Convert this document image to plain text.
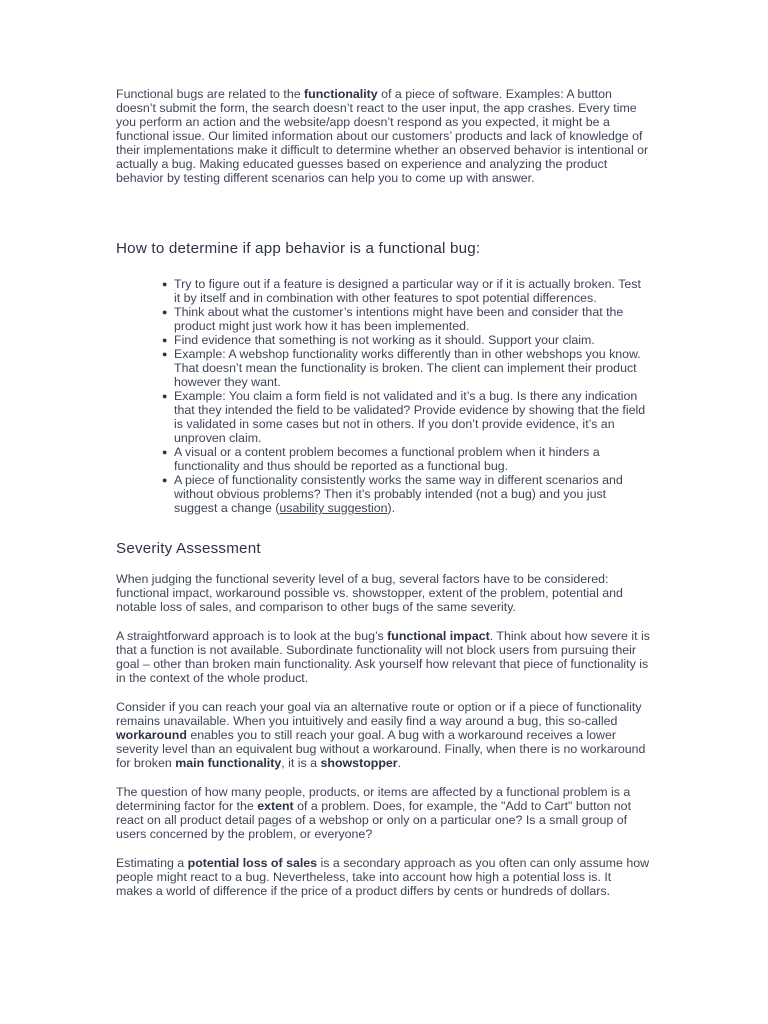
Functional bugs are related to the functionality of a piece of software. Examples: A button doesn’t submit the form, the search doesn’t react to the user input, the app crashes. Every time you perform an action and the website/app doesn’t respond as you expected, it might be a functional issue. Our limited information about our customers’ products and lack of knowledge of their implementations make it difficult to determine whether an observed behavior is intentional or actually a bug. Making educated guesses based on experience and analyzing the product behavior by testing different scenarios can help you to come up with answer.

How to determine if app behavior is a functional bug:
● Try to figure out if a feature is designed a particular way or if it is actually broken. Test it by itself and in combination with other features to spot potential differences.
● Think about what the customer’s intentions might have been and consider that the product might just work how it has been implemented.
● Find evidence that something is not working as it should. Support your claim.
● Example: A webshop functionality works differently than in other webshops you know. That doesn’t mean the functionality is broken. The client can implement their product however they want.
● Example: You claim a form field is not validated and it’s a bug. Is there any indication that they intended the field to be validated? Provide evidence by showing that the field is validated in some cases but not in others. If you don’t provide evidence, it’s an unproven claim.
● A visual or a content problem becomes a functional problem when it hinders a functionality and thus should be reported as a functional bug.
● A piece of functionality consistently works the same way in different scenarios and without obvious problems? Then it’s probably intended (not a bug) and you just suggest a change (usability suggestion).
Severity Assessment

When judging the functional severity level of a bug, several factors have to be considered: functional impact, workaround possible vs. showstopper, extent of the problem, potential and notable loss of sales, and comparison to other bugs of the same severity.

A straightforward approach is to look at the bug’s functional impact. Think about how severe it is that a function is not available. Subordinate functionality will not block users from pursuing their goal – other than broken main functionality. Ask yourself how relevant that piece of functionality is in the context of the whole product.

Consider if you can reach your goal via an alternative route or option or if a piece of functionality remains unavailable. When you intuitively and easily find a way around a bug, this so-called workaround enables you to still reach your goal. A bug with a workaround receives a lower severity level than an equivalent bug without a workaround. Finally, when there is no workaround for broken main functionality, it is a showstopper.

The question of how many people, products, or items are affected by a functional problem is a determining factor for the extent of a problem. Does, for example, the "Add to Cart" button not react on all product detail pages of a webshop or only on a particular one? Is a small group of users concerned by the problem, or everyone?

Estimating a potential loss of sales is a secondary approach as you often can only assume how people might react to a bug. Nevertheless, take into account how high a potential loss is. It makes a world of difference if the price of a product differs by cents or hundreds of dollars.
